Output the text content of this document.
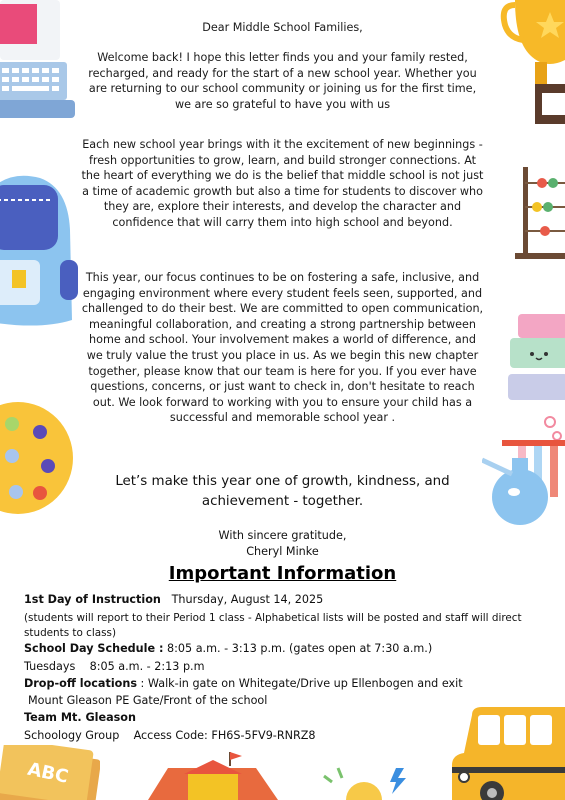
ABC

Dear Middle School Families,

Welcome back! I hope this letter finds you and your family rested, recharged, and ready for the start of a new school year. Whether you are returning to our school community or joining us for the first time, we are so grateful to have you with us

Each new school year brings with it the excitement of new beginnings - fresh opportunities to grow, learn, and build stronger connections. At the heart of everything we do is the belief that middle school is not just a time of academic growth but also a time for students to discover who they are, explore their interests, and develop the character and confidence that will carry them into high school and beyond.

This year, our focus continues to be on fostering a safe, inclusive, and engaging environment where every student feels seen, supported, and challenged to do their best. We are committed to open communication, meaningful collaboration, and creating a strong partnership between home and school. Your involvement makes a world of difference, and we truly value the trust you place in us. As we begin this new chapter together, please know that our team is here for you. If you ever have questions, concerns, or just want to check in, don't hesitate to reach out. We look forward to working with you to ensure your child has a successful and memorable school year .

Let’s make this year one of growth, kindness, and achievement - together.

With sincere gratitude,
Cheryl Minke
Important Information
1st Day of Instruction Thursday, August 14, 2025
(students will report to their Period 1 class - Alphabetical lists will be posted and staff will direct students to class)
School Day Schedule : 8:05 a.m. - 3:13 p.m. (gates open at 7:30 a.m.)
Tuesdays 8:05 a.m. - 2:13 p.m
Drop-off locations : Walk-in gate on Whitegate/Drive up Ellenbogen and exit
Mount Gleason PE Gate/Front of the school
Team Mt. Gleason
Schoology Group Access Code: FH6S-5FV9-RNRZ8
